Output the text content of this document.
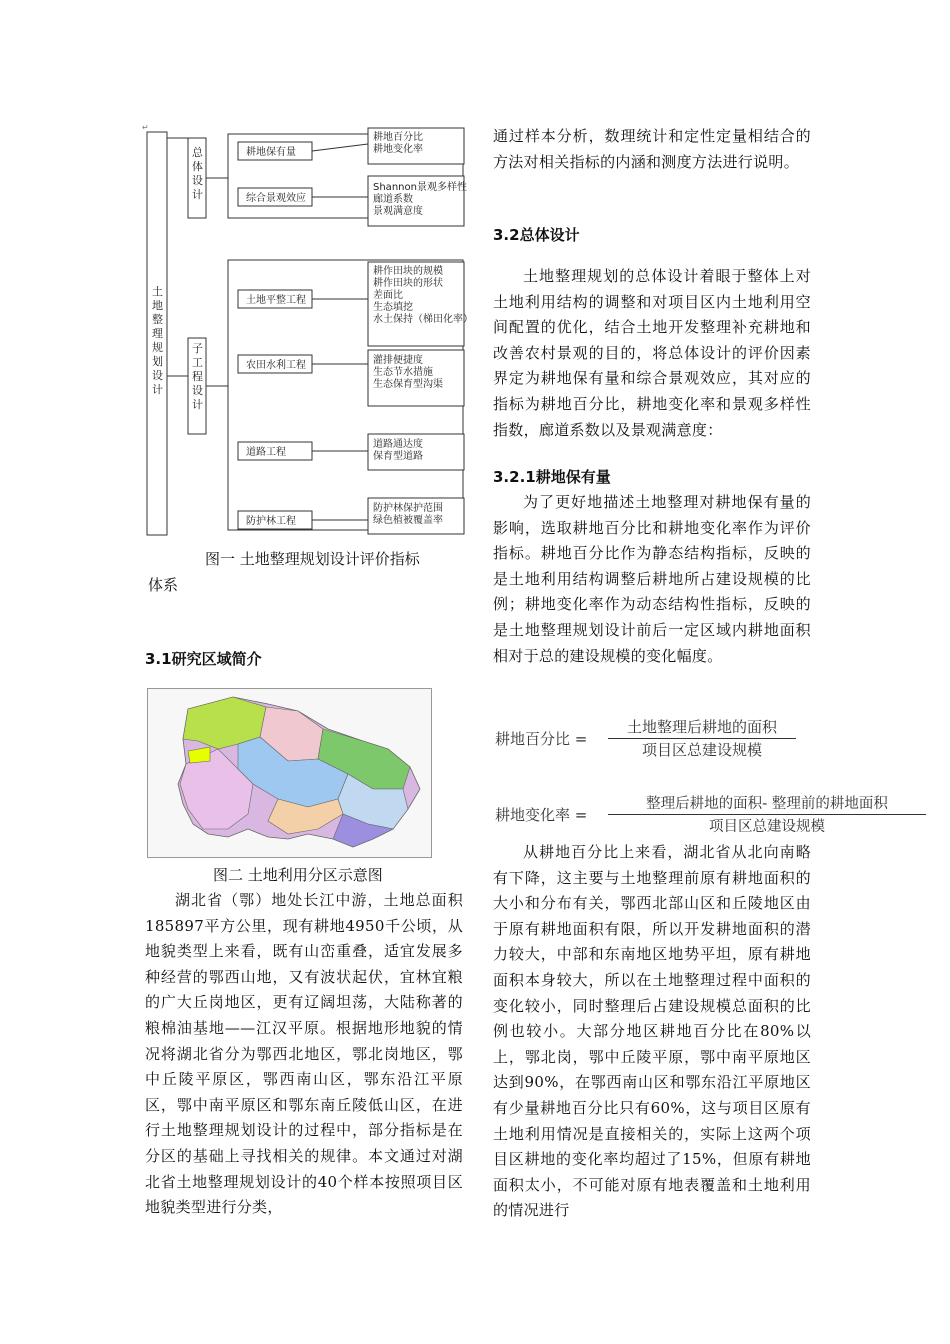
↵
土地整理规划设计
总体设计
子工程设计
耕地保有量
耕地百分比
耕地变化率
综合景观效应
Shannon景观多样性
廊道系数
景观满意度
土地平整工程
耕作田块的规模
耕作田块的形状
差面比
生态填挖
水土保持（梯田化率）
农田水利工程	灌排便捷度
生态节水措施
生态保育型沟渠
道路工程
道路通达度
保育型道路
防护林工程
防护林保护范围
绿色植被覆盖率
图一 土地整理规划设计评价指标
体系
3.1研究区域简介
图二 土地利用分区示意图

湖北省（鄂）地处长江中游，土地总面积185897平方公里，现有耕地4950千公顷，从地貌类型上来看，既有山峦重叠，适宜发展多种经营的鄂西山地，又有波状起伏，宜林宜粮的广大丘岗地区，更有辽阔坦荡，大陆称著的粮棉油基地——江汉平原。根据地形地貌的情况将湖北省分为鄂西北地区，鄂北岗地区，鄂中丘陵平原区，鄂西南山区，鄂东沿江平原区，鄂中南平原区和鄂东南丘陵低山区，在进行土地整理规划设计的过程中，部分指标是在分区的基础上寻找相关的规律。本文通过对湖北省土地整理规划设计的40个样本按照项目区地貌类型进行分类，

通过样本分析，数理统计和定性定量相结合的方法对相关指标的内涵和测度方法进行说明。

3.2总体设计

土地整理规划的总体设计着眼于整体上对土地利用结构的调整和对项目区内土地利用空间配置的优化，结合土地开发整理补充耕地和改善农村景观的目的，将总体设计的评价因素界定为耕地保有量和综合景观效应，其对应的指标为耕地百分比，耕地变化率和景观多样性指数，廊道系数以及景观满意度：

3.2.1耕地保有量

为了更好地描述土地整理对耕地保有量的影响，选取耕地百分比和耕地变化率作为评价指标。耕地百分比作为静态结构指标，反映的是土地利用结构调整后耕地所占建设规模的比例；耕地变化率作为动态结构性指标，反映的是土地整理规划设计前后一定区域内耕地面积相对于总的建设规模的变化幅度。

耕地百分比 =
土地整理后耕地的面积
项目区总建设规模
耕地变化率 =
整理后耕地的面积- 整理前的耕地面积
项目区总建设规模

从耕地百分比上来看，湖北省从北向南略有下降，这主要与土地整理前原有耕地面积的大小和分布有关，鄂西北部山区和丘陵地区由于原有耕地面积有限，所以开发耕地面积的潜力较大，中部和东南地区地势平坦，原有耕地面积本身较大，所以在土地整理过程中面积的变化较小，同时整理后占建设规模总面积的比例也较小。大部分地区耕地百分比在80%以上，鄂北岗，鄂中丘陵平原，鄂中南平原地区达到90%，在鄂西南山区和鄂东沿江平原地区有少量耕地百分比只有60%，这与项目区原有土地利用情况是直接相关的，实际上这两个项目区耕地的变化率均超过了15%，但原有耕地面积太小，不可能对原有地表覆盖和土地利用的情况进行
